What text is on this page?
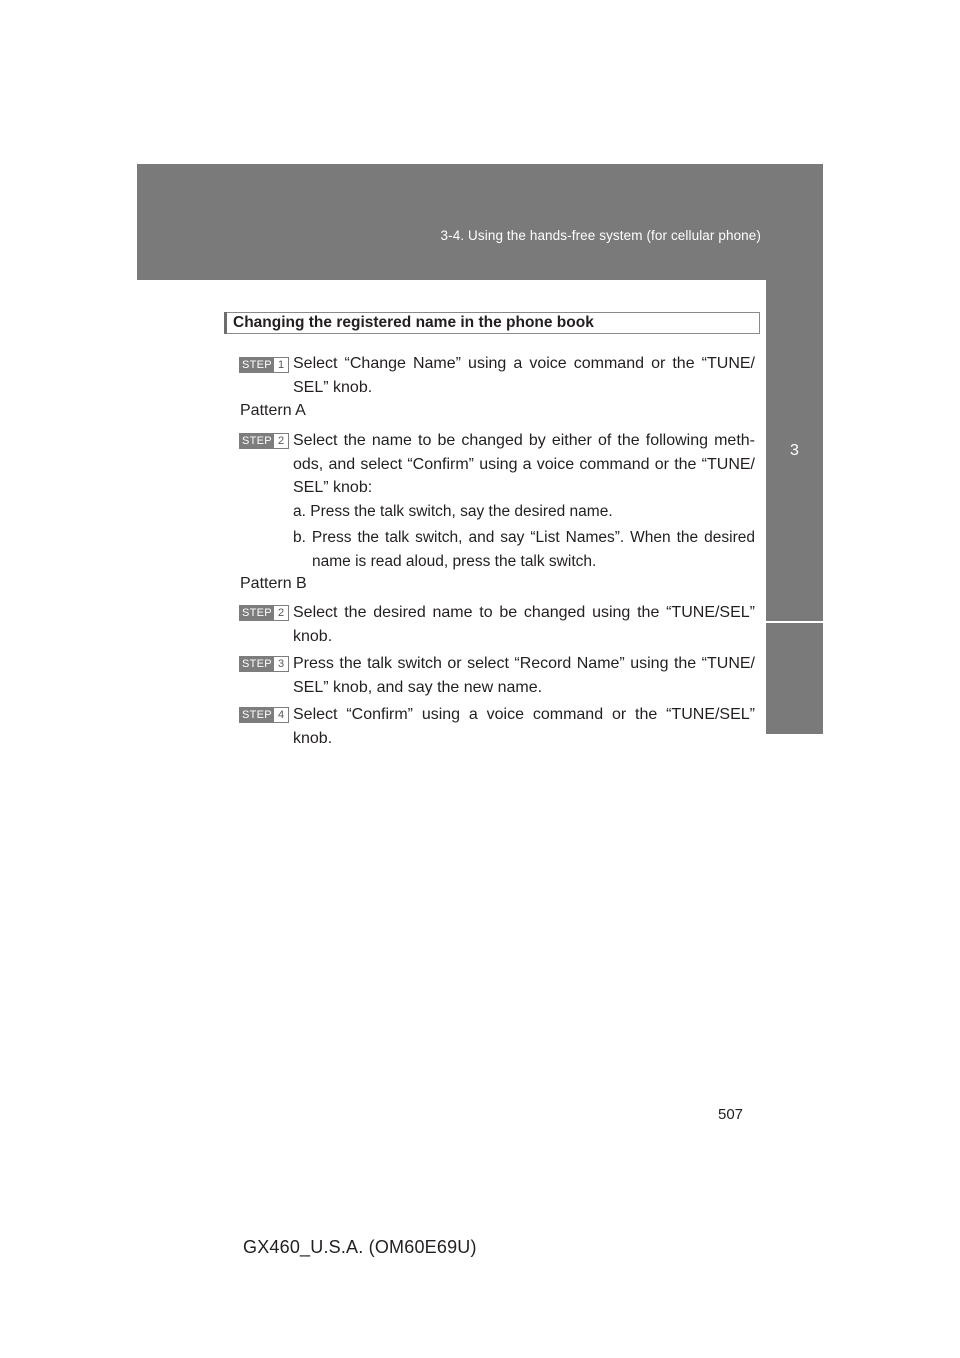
3-4. Using the hands-free system (for cellular phone)
3
Interior features
Changing the registered name in the phone book
STEP 1 Select “Change Name” using a voice command or the “TUNE/ SEL” knob.
Pattern A
STEP 2 Select the name to be changed by either of the following meth- ods, and select “Confirm” using a voice command or the “TUNE/ SEL” knob:
a. Press the talk switch, say the desired name.
b. Press the talk switch, and say “List Names”. When the desired name is read aloud, press the talk switch.
Pattern B
STEP 2 Select the desired name to be changed using the “TUNE/SEL” knob.
STEP 3 Press the talk switch or select “Record Name” using the “TUNE/ SEL” knob, and say the new name.
STEP 4 Select “Confirm” using a voice command or the “TUNE/SEL” knob.
507
GX460_U.S.A. (OM60E69U)
